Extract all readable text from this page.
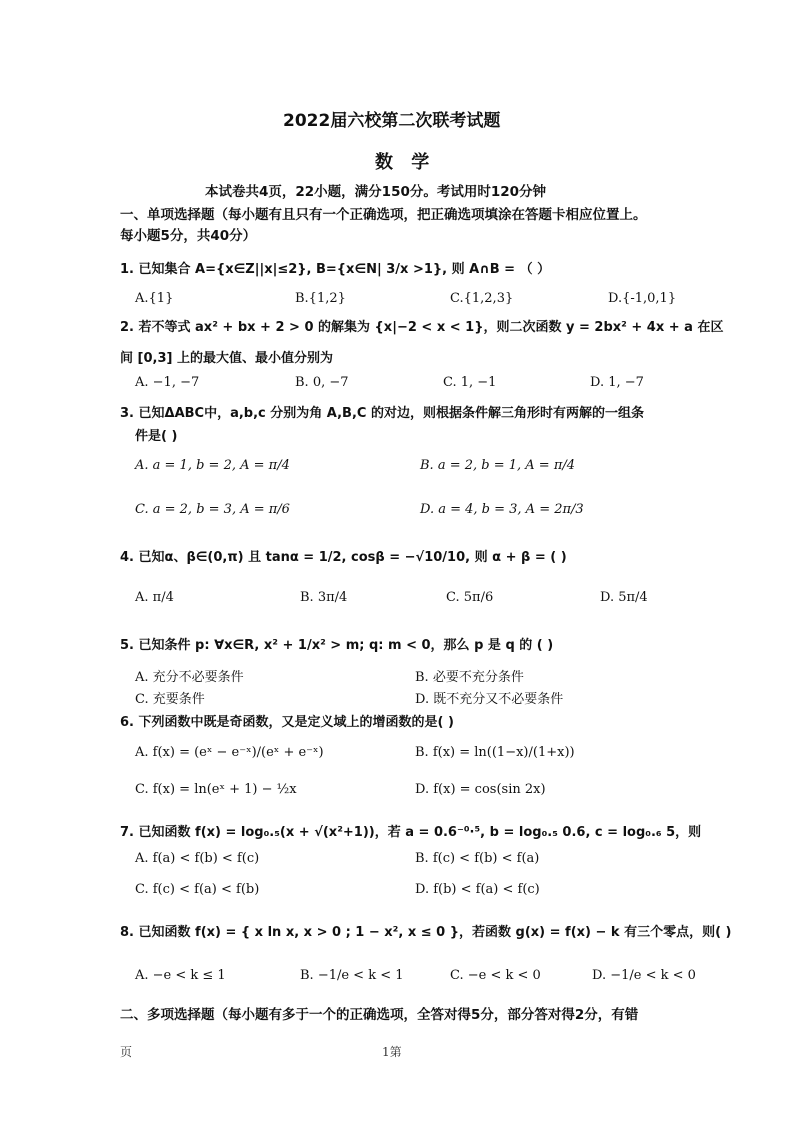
2022届六校第二次联考试题
数 学
本试卷共4页，22小题，满分150分。考试用时120分钟
一、单项选择题（每小题有且只有一个正确选项，把正确选项填涂在答题卡相应位置上。
每小题5分，共40分）
1. 已知集合 A={x∈Z||x|≤2}, B={x∈N| 3/x >1}, 则 A∩B = （ ）
A.{1}	B.{1,2}	C.{1,2,3}	D.{-1,0,1}
2. 若不等式 ax² + bx + 2 > 0 的解集为 {x|−2 < x < 1}，则二次函数 y = 2bx² + 4x + a 在区
间 [0,3] 上的最大值、最小值分别为
A. −1, −7	B. 0, −7	C. 1, −1	D. 1, −7
3. 已知ΔABC中，a,b,c 分别为角 A,B,C 的对边，则根据条件解三角形时有两解的一组条
件是( )
A. a = 1, b = 2, A = π/4	B. a = 2, b = 1, A = π/4
C. a = 2, b = 3, A = π/6	D. a = 4, b = 3, A = 2π/3
4. 已知α、β∈(0,π) 且 tanα = 1/2, cosβ = −√10/10, 则 α + β = ( )
A. π/4	B. 3π/4	C. 5π/6	D. 5π/4
5. 已知条件 p: ∀x∈R, x² + 1/x² > m; q: m < 0，那么 p 是 q 的 ( )
A. 充分不必要条件	B. 必要不充分条件
C. 充要条件	D. 既不充分又不必要条件
6. 下列函数中既是奇函数，又是定义域上的增函数的是( )
A. f(x) = (eˣ − e⁻ˣ)/(eˣ + e⁻ˣ)	B. f(x) = ln((1−x)/(1+x))
C. f(x) = ln(eˣ + 1) − ½x	D. f(x) = cos(sin 2x)
7. 已知函数 f(x) = log₀.₅(x + √(x²+1))，若 a = 0.6⁻⁰·⁵, b = log₀.₅ 0.6, c = log₀.₆ 5，则
A. f(a) < f(b) < f(c)	B. f(c) < f(b) < f(a)
C. f(c) < f(a) < f(b)	D. f(b) < f(a) < f(c)
8. 已知函数 f(x) = { x ln x, x > 0 ; 1 − x², x ≤ 0 }，若函数 g(x) = f(x) − k 有三个零点，则( )
A. −e < k ≤ 1	B. −1/e < k < 1	C. −e < k < 0	D. −1/e < k < 0
二、多项选择题（每小题有多于一个的正确选项，全答对得5分，部分答对得2分，有错
页	1第
